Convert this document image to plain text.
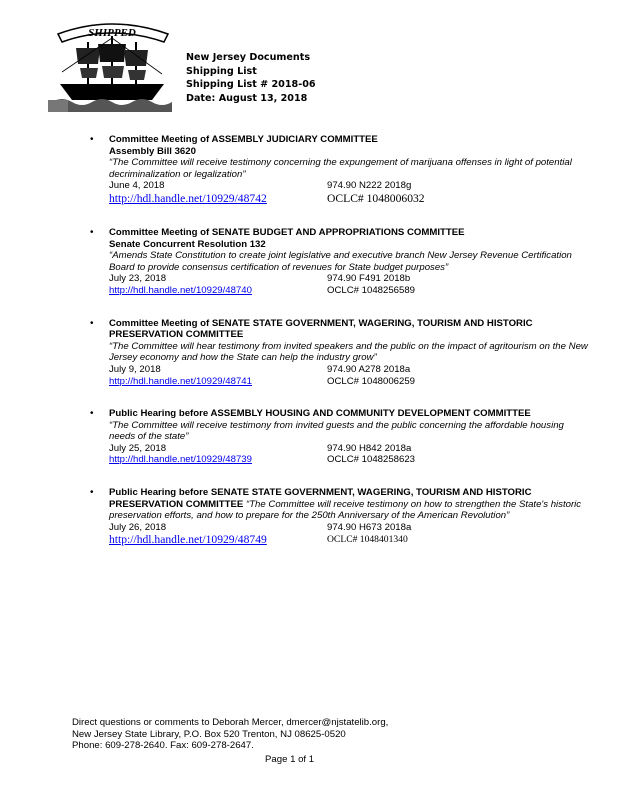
SHIPPED
New Jersey Documents
Shipping List
Shipping List # 2018-06
Date: August 13, 2018
• Committee Meeting of ASSEMBLY JUDICIARY COMMITTEE
Assembly Bill 3620
“The Committee will receive testimony concerning the expungement of marijuana offenses in light of potential decriminalization or legalization”
June 4, 2018	974.90 N222 2018g
http://hdl.handle.net/10929/48742	OCLC# 1048006032
• Committee Meeting of SENATE BUDGET AND APPROPRIATIONS COMMITTEE
Senate Concurrent Resolution 132
“Amends State Constitution to create joint legislative and executive branch New Jersey Revenue Certification Board to provide consensus certification of revenues for State budget purposes”
July 23, 2018	974.90 F491 2018b
http://hdl.handle.net/10929/48740	OCLC# 1048256589
• Committee Meeting of SENATE STATE GOVERNMENT, WAGERING, TOURISM AND HISTORIC PRESERVATION COMMITTEE
“The Committee will hear testimony from invited speakers and the public on the impact of agritourism on the New Jersey economy and how the State can help the industry grow”
July 9, 2018	974.90 A278 2018a
http://hdl.handle.net/10929/48741	OCLC# 1048006259
• Public Hearing before ASSEMBLY HOUSING AND COMMUNITY DEVELOPMENT COMMITTEE
“The Committee will receive testimony from invited guests and the public concerning the affordable housing needs of the state”
July 25, 2018	974.90 H842 2018a
http://hdl.handle.net/10929/48739	OCLC# 1048258623
• Public Hearing before SENATE STATE GOVERNMENT, WAGERING, TOURISM AND HISTORIC PRESERVATION COMMITTEE “The Committee will receive testimony on how to strengthen the State's historic preservation efforts, and how to prepare for the 250th Anniversary of the American Revolution”
July 26, 2018	974.90 H673 2018a
http://hdl.handle.net/10929/48749	OCLC# 1048401340
Direct questions or comments to Deborah Mercer, dmercer@njstatelib.org,
New Jersey State Library, P.O. Box 520 Trenton, NJ 08625-0520
Phone: 609-278-2640. Fax: 609-278-2647.
Page 1 of 1
